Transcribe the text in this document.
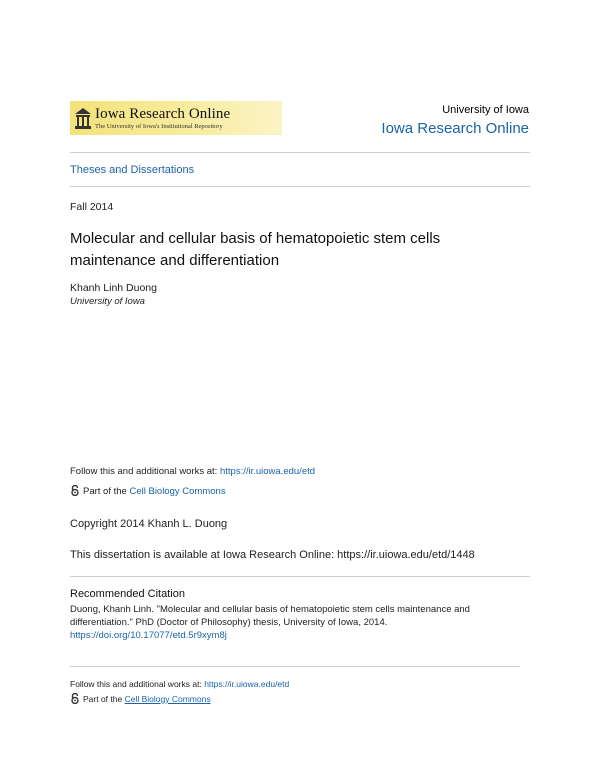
Iowa Research Online
The University of Iowa's Institutional Repository
University of Iowa
Iowa Research Online
Theses and Dissertations
Fall 2014
Molecular and cellular basis of hematopoietic stem cells maintenance and differentiation
Khanh Linh Duong
University of Iowa
Follow this and additional works at: https://ir.uiowa.edu/etd
Part of the Cell Biology Commons
Copyright 2014 Khanh L. Duong
This dissertation is available at Iowa Research Online: https://ir.uiowa.edu/etd/1448
Recommended Citation
Duong, Khanh Linh. "Molecular and cellular basis of hematopoietic stem cells maintenance and differentiation." PhD (Doctor of Philosophy) thesis, University of Iowa, 2014.
https://doi.org/10.17077/etd.5r9xym8j
Follow this and additional works at: https://ir.uiowa.edu/etd
Part of the Cell Biology Commons
